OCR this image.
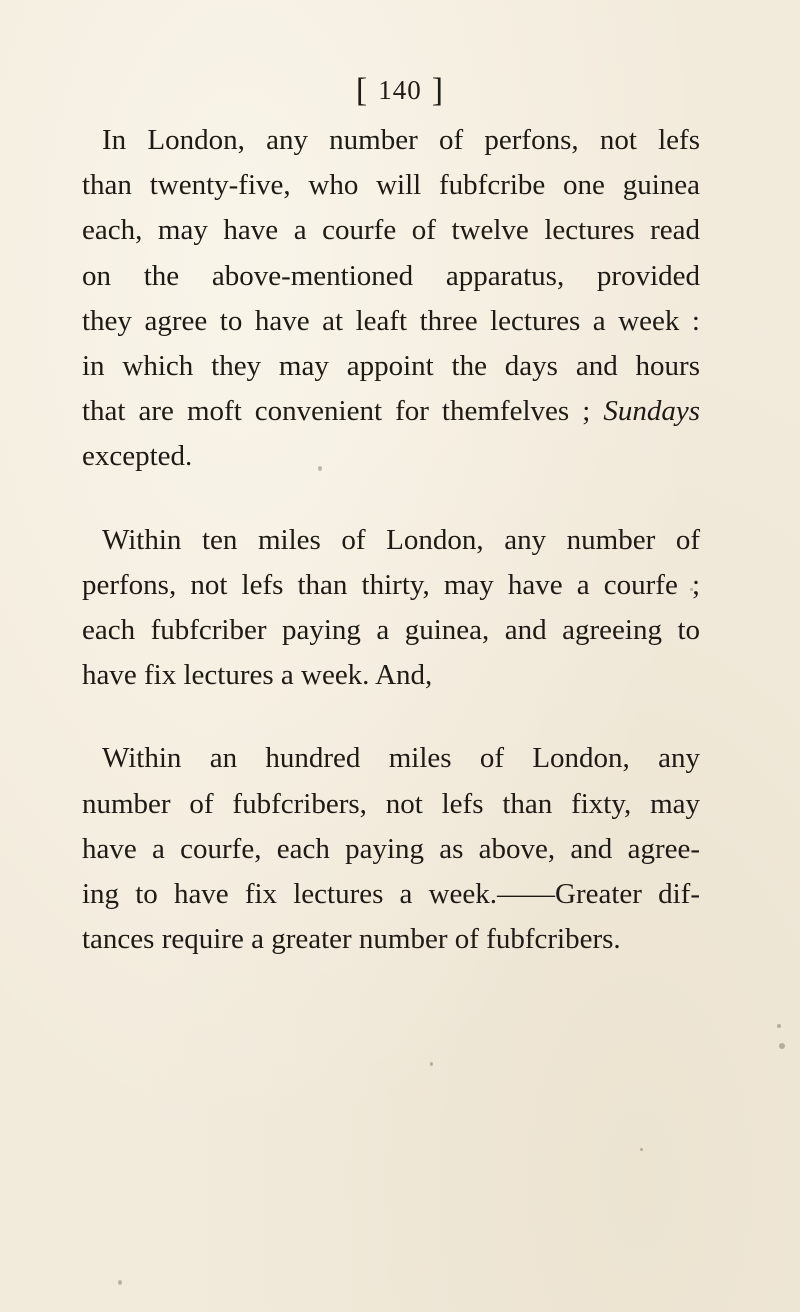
[ 140 ]

In London, any number of perfons, not lefs
than twenty-five, who will fubfcribe one guinea
each, may have a courfe of twelve lectures read
on the above-mentioned apparatus, provided
they agree to have at leaft three lectures a week :
in which they may appoint the days and hours
that are moft convenient for themfelves ; Sundays
excepted.

Within ten miles of London, any number of
perfons, not lefs than thirty, may have a courfe ;
each fubfcriber paying a guinea, and agreeing to
have fix lectures a week. And,

Within an hundred miles of London, any
number of fubfcribers, not lefs than fixty, may
have a courfe, each paying as above, and agree-
ing to have fix lectures a week.——Greater dif-
tances require a greater number of fubfcribers.
